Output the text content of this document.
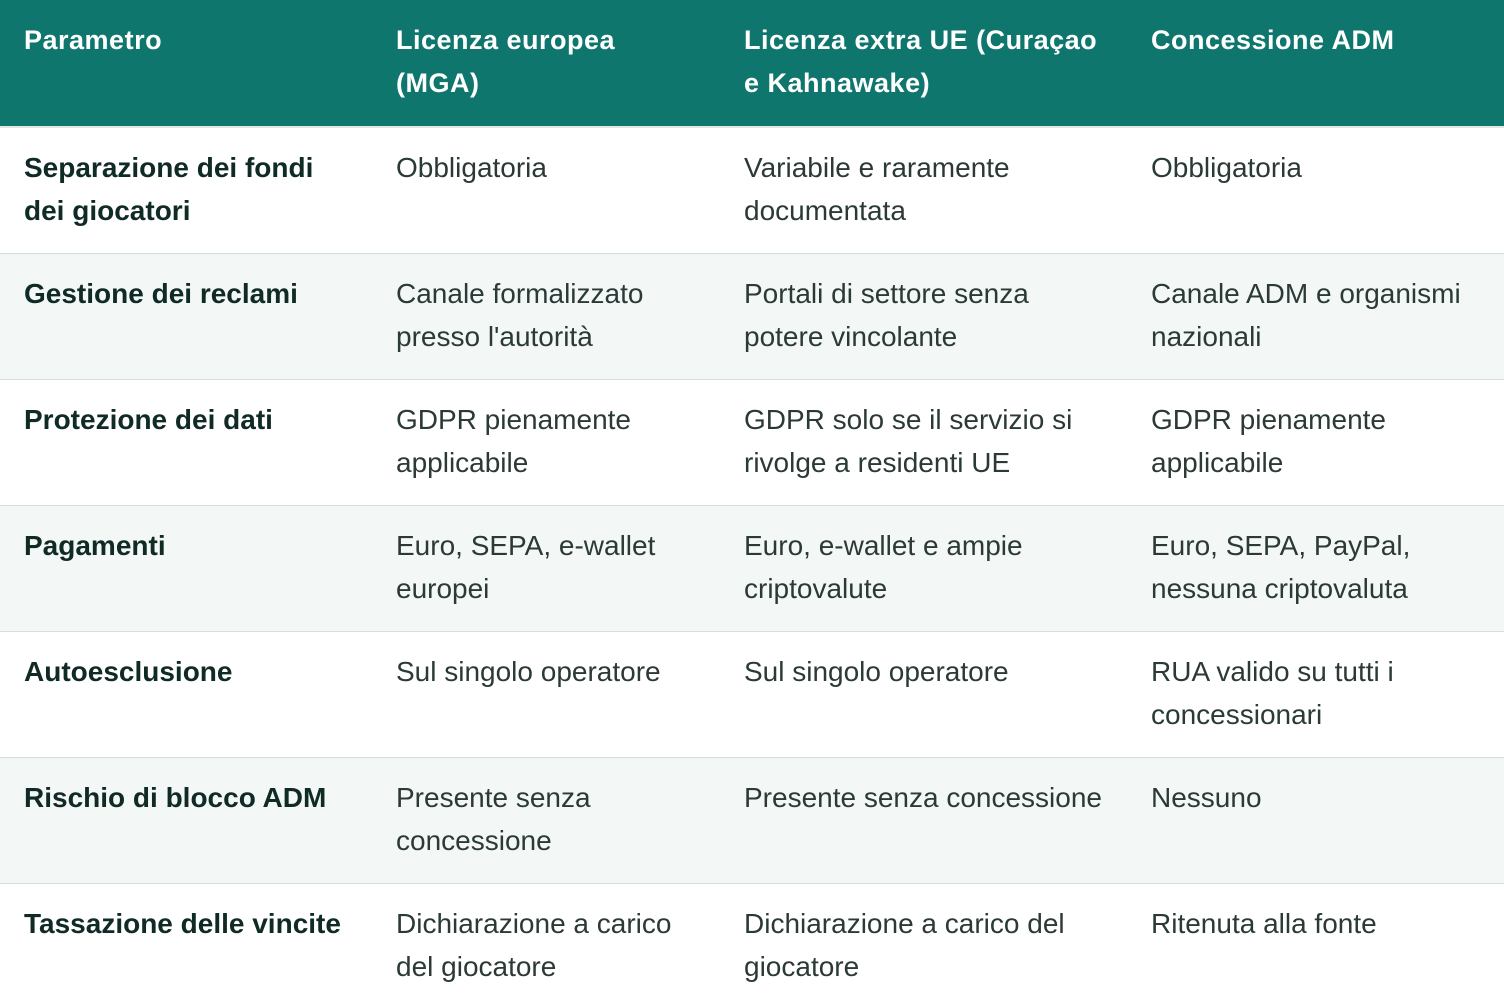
Parametro	Licenza europea (MGA)	Licenza extra UE (Curaçao e Kahnawake)	Concessione ADM
Separazione dei fondi dei giocatori	Obbligatoria	Variabile e raramente documentata	Obbligatoria
Gestione dei reclami	Canale formalizzato presso l'autorità	Portali di settore senza potere vincolante	Canale ADM e organismi nazionali
Protezione dei dati	GDPR pienamente applicabile	GDPR solo se il servizio si rivolge a residenti UE	GDPR pienamente applicabile
Pagamenti	Euro, SEPA, e-wallet europei	Euro, e-wallet e ampie criptovalute	Euro, SEPA, PayPal, nessuna criptovaluta
Autoesclusione	Sul singolo operatore	Sul singolo operatore	RUA valido su tutti i concessionari
Rischio di blocco ADM	Presente senza concessione	Presente senza concessione	Nessuno
Tassazione delle vincite	Dichiarazione a carico del giocatore	Dichiarazione a carico del giocatore	Ritenuta alla fonte
